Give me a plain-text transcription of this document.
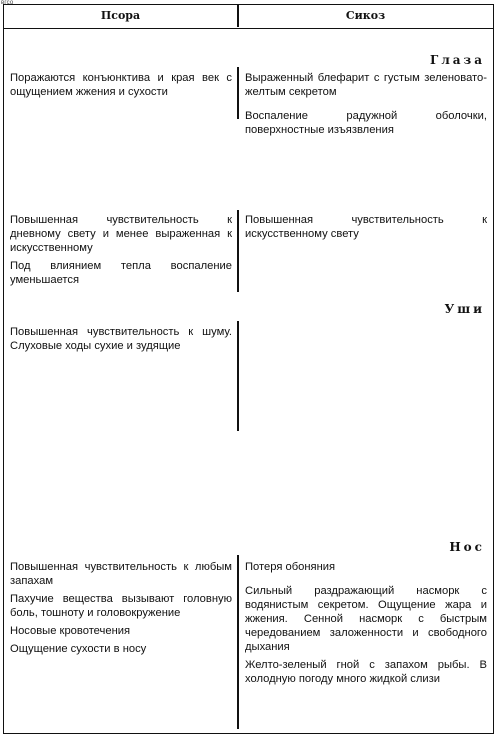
вгсо
Псора	Сикоз
Глаза

Поражаются конъюнктива и края век с ощущением жжения и сухости

Выраженный блефарит с густым зеленовато-желтым секретом

Воспаление радужной оболочки, поверхностные изъязвления

Повышенная чувствительность к дневному свету и менее выраженная к искусственному

Под влиянием тепла воспаление уменьшается

Повышенная чувствительность к искусственному свету

Уши

Повышенная чувствительность к шуму. Слуховые ходы сухие и зудящие

Нос

Повышенная чувствительность к любым запахам

Пахучие вещества вызывают головную боль, тошноту и головокружение

Носовые кровотечения

Ощущение сухости в носу

Потеря обоняния

Сильный раздражающий насморк с водянистым секретом. Ощущение жара и жжения. Сенной насморк с быстрым чередованием заложенности и свободного дыхания

Желто-зеленый гной с запахом рыбы. В холодную погоду много жидкой слизи
